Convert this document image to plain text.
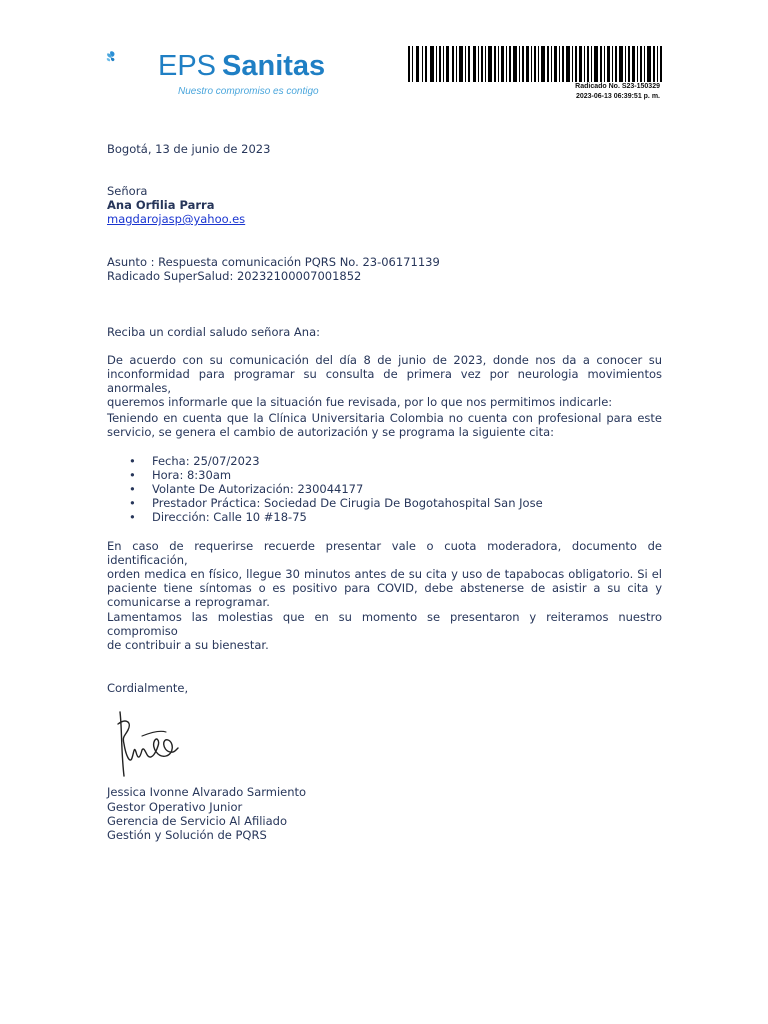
EPS Sanitas
Nuestro compromiso es contigo	Radicado No. S23-150329
2023-06-13 06:39:51 p. m.
Bogotá, 13 de junio de 2023
Señora
Ana Orfilia Parra
magdarojasp@yahoo.es
Asunto : Respuesta comunicación PQRS No. 23-06171139
Radicado SuperSalud: 20232100007001852
Reciba un cordial saludo señora Ana:
De acuerdo con su comunicación del día 8 de junio de 2023, donde nos da a conocer su
inconformidad para programar su consulta de primera vez por neurologia movimientos anormales,
queremos informarle que la situación fue revisada, por lo que nos permitimos indicarle:
Teniendo en cuenta que la Clínica Universitaria Colombia no cuenta con profesional para este
servicio, se genera el cambio de autorización y se programa la siguiente cita:
• Fecha: 25/07/2023
• Hora: 8:30am
• Volante De Autorización: 230044177
• Prestador Práctica: Sociedad De Cirugia De Bogotahospital San Jose
• Dirección: Calle 10 #18-75
En caso de requerirse recuerde presentar vale o cuota moderadora, documento de identificación,
orden medica en físico, llegue 30 minutos antes de su cita y uso de tapabocas obligatorio. Si el
paciente tiene síntomas o es positivo para COVID, debe abstenerse de asistir a su cita y
comunicarse a reprogramar.
Lamentamos las molestias que en su momento se presentaron y reiteramos nuestro compromiso
de contribuir a su bienestar.
Cordialmente,
Jessica Ivonne Alvarado Sarmiento
Gestor Operativo Junior
Gerencia de Servicio Al Afiliado
Gestión y Solución de PQRS
